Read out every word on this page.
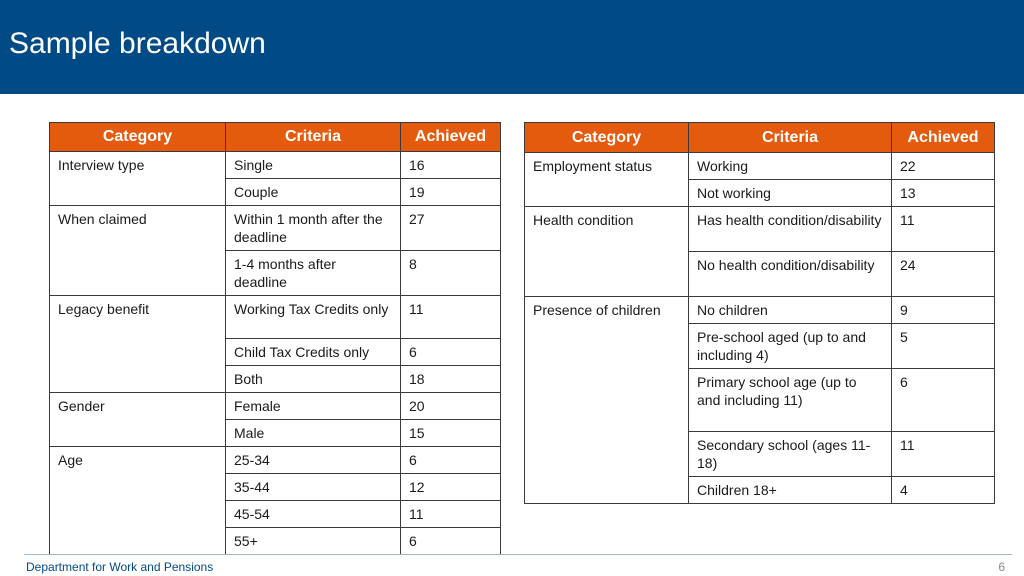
Sample breakdown
Category	Criteria	Achieved
Interview type	Single	16
	Couple	19
When claimed	Within 1 month after the deadline	27
	1-4 months after deadline	8
Legacy benefit	Working Tax Credits only	11
	Child Tax Credits only	6
	Both	18
Gender	Female	20
	Male	15
Age	25-34	6
	35-44	12
	45-54	11
	55+	6
Category	Criteria	Achieved
Employment status	Working	22
	Not working	13
Health condition	Has health condition/disability	11
	No health condition/disability	24
Presence of children	No children	9
	Pre-school aged (up to and including 4)	5
	Primary school age (up to and including 11)	6
	Secondary school (ages 11-18)	11
	Children 18+	4
Department for Work and Pensions	6
